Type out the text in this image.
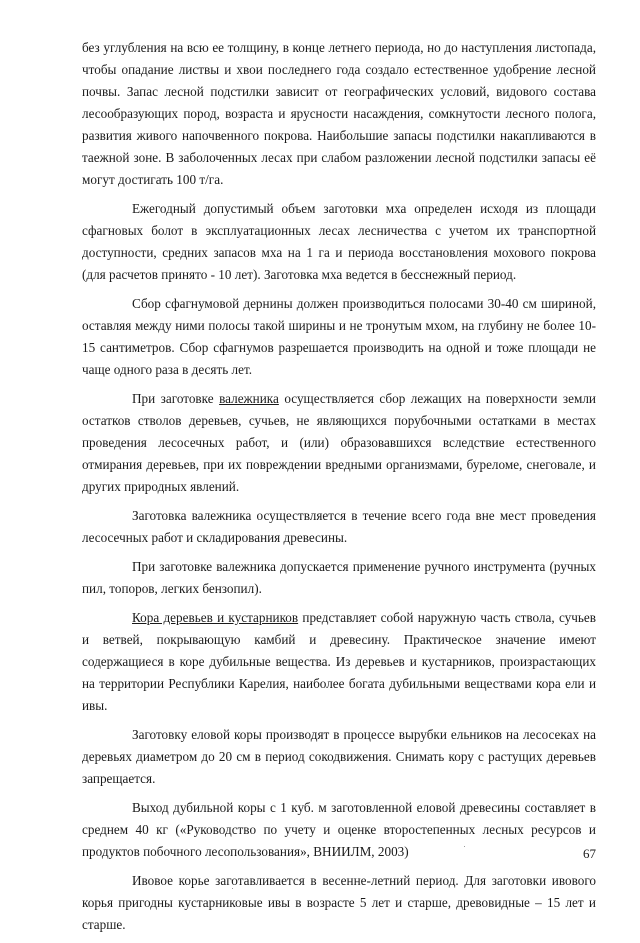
без углубления на всю ее толщину, в конце летнего периода, но до наступления листопада, чтобы опадание листвы и хвои последнего года создало естественное удобрение лесной почвы. Запас лесной подстилки зависит от географических условий, видового состава лесообразующих пород, возраста и ярусности насаждения, сомкнутости лесного полога, развития живого напочвенного покрова. Наибольшие запасы подстилки накапливаются в таежной зоне. В заболоченных лесах при слабом разложении лесной подстилки запасы её могут достигать 100 т/га.

Ежегодный допустимый объем заготовки мха определен исходя из площади сфагновых болот в эксплуатационных лесах лесничества с учетом их транспортной доступности, средних запасов мха на 1 га и периода восстановления мохового покрова (для расчетов принято - 10 лет). Заготовка мха ведется в бесснежный период.

Сбор сфагнумовой дернины должен производиться полосами 30-40 см шириной, оставляя между ними полосы такой ширины и не тронутым мхом, на глубину не более 10-15 сантиметров. Сбор сфагнумов разрешается производить на одной и тоже площади не чаще одного раза в десять лет.

При заготовке валежника осуществляется сбор лежащих на поверхности земли остатков стволов деревьев, сучьев, не являющихся порубочными остатками в местах проведения лесосечных работ, и (или) образовавшихся вследствие естественного отмирания деревьев, при их повреждении вредными организмами, буреломе, снеговале, и других природных явлений.

Заготовка валежника осуществляется в течение всего года вне мест проведения лесосечных работ и складирования древесины.

При заготовке валежника допускается применение ручного инструмента (ручных пил, топоров, легких бензопил).

Кора деревьев и кустарников представляет собой наружную часть ствола, сучьев и ветвей, покрывающую камбий и древесину. Практическое значение имеют содержащиеся в коре дубильные вещества. Из деревьев и кустарников, произрастающих на территории Республики Карелия, наиболее богата дубильными веществами кора ели и ивы.

Заготовку еловой коры производят в процессе вырубки ельников на лесосеках на деревьях диаметром до 20 см в период сокодвижения. Снимать кору с растущих деревьев запрещается.

Выход дубильной коры с 1 куб. м заготовленной еловой древесины составляет в среднем 40 кг («Руководство по учету и оценке второстепенных лесных ресурсов и продуктов побочного лесопользования», ВНИИЛМ, 2003)

Ивовое корье заготавливается в весенне-летний период. Для заготовки ивового корья пригодны кустарниковые ивы в возрасте 5 лет и старше, древовидные – 15 лет и старше.

67
